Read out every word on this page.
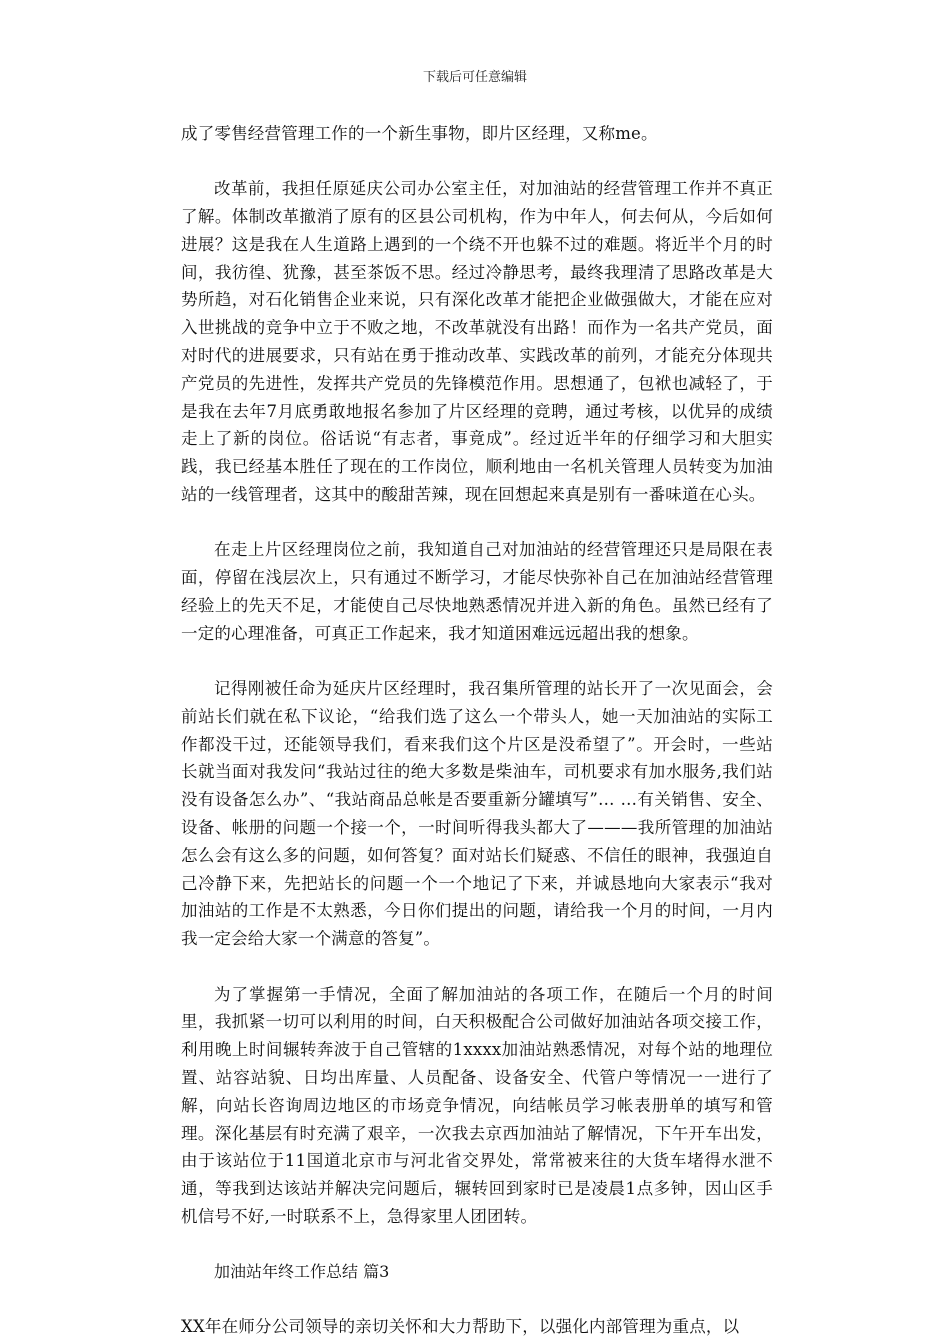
下载后可任意编辑

成了零售经营管理工作的一个新生事物，即片区经理，又称me。

改革前，我担任原延庆公司办公室主任，对加油站的经营管理工作并不真正了解。体制改革撤消了原有的区县公司机构，作为中年人，何去何从，今后如何进展？这是我在人生道路上遇到的一个绕不开也躲不过的难题。将近半个月的时间，我彷徨、犹豫，甚至茶饭不思。经过冷静思考，最终我理清了思路改革是大势所趋，对石化销售企业来说，只有深化改革才能把企业做强做大，才能在应对入世挑战的竞争中立于不败之地，不改革就没有出路！而作为一名共产党员，面对时代的进展要求，只有站在勇于推动改革、实践改革的前列，才能充分体现共产党员的先进性，发挥共产党员的先锋模范作用。思想通了，包袱也减轻了，于是我在去年7月底勇敢地报名参加了片区经理的竞聘，通过考核，以优异的成绩走上了新的岗位。俗话说“有志者，事竟成”。经过近半年的仔细学习和大胆实践，我已经基本胜任了现在的工作岗位，顺利地由一名机关管理人员转变为加油站的一线管理者，这其中的酸甜苦辣，现在回想起来真是别有一番味道在心头。

在走上片区经理岗位之前，我知道自己对加油站的经营管理还只是局限在表面，停留在浅层次上，只有通过不断学习，才能尽快弥补自己在加油站经营管理经验上的先天不足，才能使自己尽快地熟悉情况并进入新的角色。虽然已经有了一定的心理准备，可真正工作起来，我才知道困难远远超出我的想象。

记得刚被任命为延庆片区经理时，我召集所管理的站长开了一次见面会，会前站长们就在私下议论，“给我们选了这么一个带头人，她一天加油站的实际工作都没干过，还能领导我们，看来我们这个片区是没希望了”。开会时，一些站长就当面对我发问“我站过往的绝大多数是柴油车，司机要求有加水服务,我们站没有设备怎么办”、“我站商品总帐是否要重新分罐填写”… …有关销售、安全、设备、帐册的问题一个接一个，一时间听得我头都大了———我所管理的加油站怎么会有这么多的问题，如何答复？面对站长们疑惑、不信任的眼神，我强迫自己冷静下来，先把站长的问题一个一个地记了下来，并诚恳地向大家表示“我对加油站的工作是不太熟悉，今日你们提出的问题，请给我一个月的时间，一月内我一定会给大家一个满意的答复”。

为了掌握第一手情况，全面了解加油站的各项工作，在随后一个月的时间里，我抓紧一切可以利用的时间，白天积极配合公司做好加油站各项交接工作，利用晚上时间辗转奔波于自己管辖的1xxxx加油站熟悉情况，对每个站的地理位置、站容站貌、日均出库量、人员配备、设备安全、代管户等情况一一进行了解，向站长咨询周边地区的市场竞争情况，向结帐员学习帐表册单的填写和管理。深化基层有时充满了艰辛，一次我去京西加油站了解情况，下午开车出发，由于该站位于11国道北京市与河北省交界处，常常被来往的大货车堵得水泄不通，等我到达该站并解决完问题后，辗转回到家时已是凌晨1点多钟，因山区手机信号不好,一时联系不上，急得家里人团团转。

加油站年终工作总结 篇3

XX年在师分公司领导的亲切关怀和大力帮助下，以强化内部管理为重点，以
